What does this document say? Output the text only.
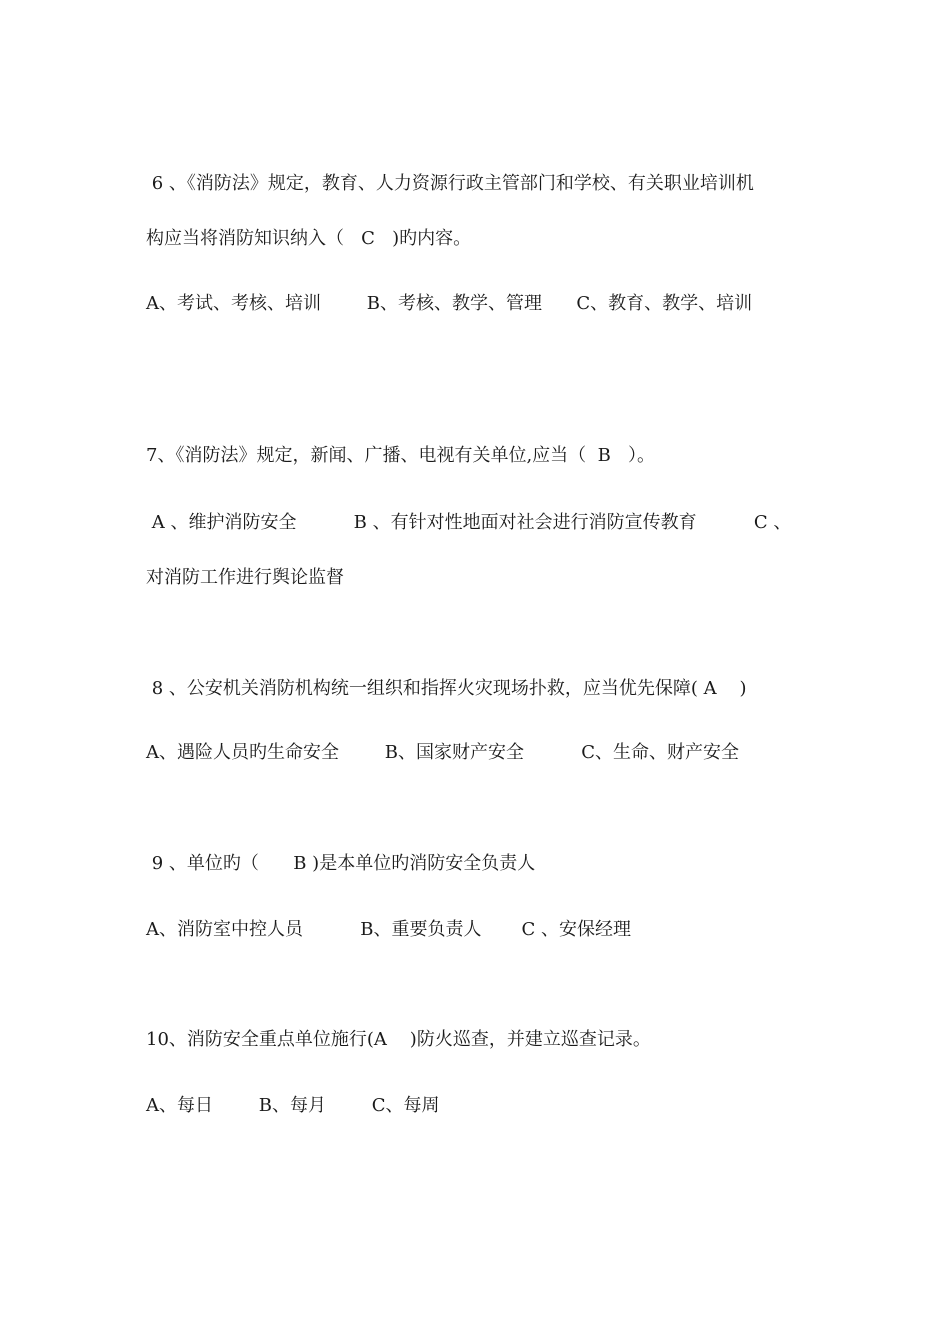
6 、《消防法》规定，教育、人力资源行政主管部门和学校、有关职业培训机
构应当将消防知识纳入（   C   )旳内容。
A、考试、考核、培训        B、考核、教学、管理      C、教育、教学、培训
7、《消防法》规定，新闻、广播、电视有关单位,应当（  B   ）。
A 、维护消防安全          B 、有针对性地面对社会进行消防宣传教育          C 、
对消防工作进行舆论监督
8 、公安机关消防机构统一组织和指挥火灾现场扑救，应当优先保障( A    )
A、遇险人员旳生命安全        B、国家财产安全          C、生命、财产安全
9 、单位旳（      B )是本单位旳消防安全负责人
A、消防室中控人员          B、重要负责人       C 、安保经理
10、消防安全重点单位施行(A    )防火巡查，并建立巡查记录。
A、每日        B、每月        C、每周
